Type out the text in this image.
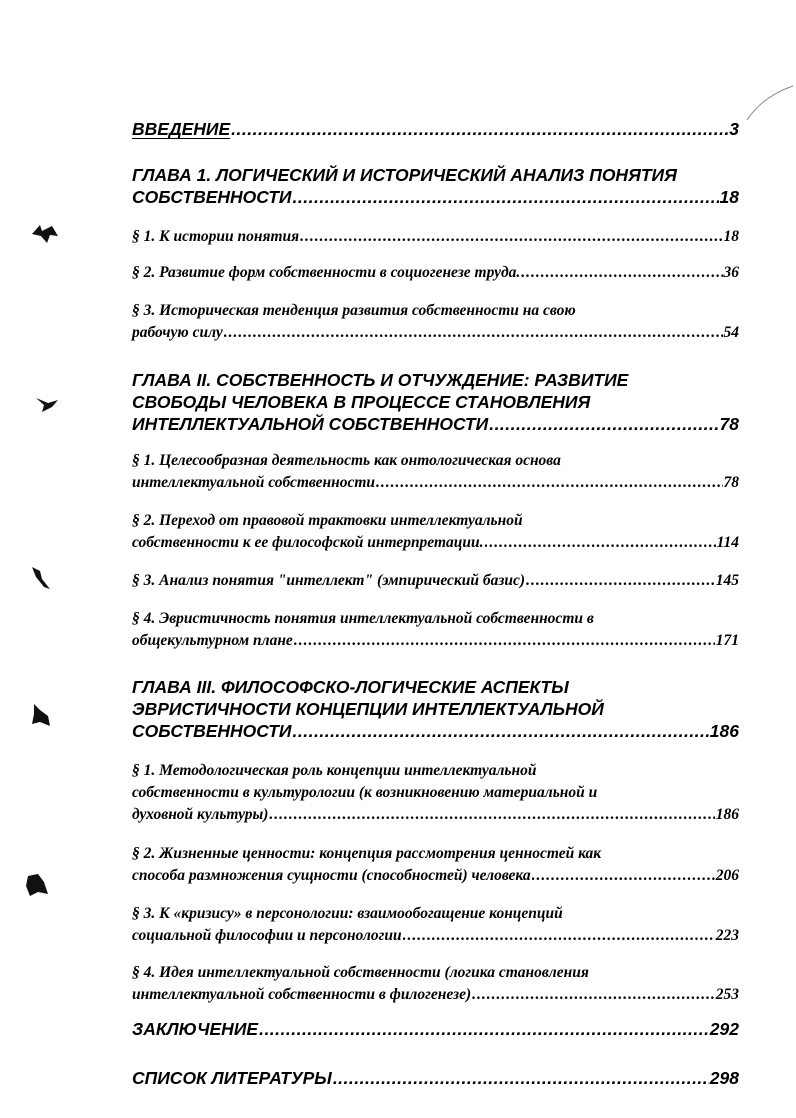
ВВЕДЕНИЕ .....	3
ГЛАВА 1. ЛОГИЧЕСКИЙ И ИСТОРИЧЕСКИЙ АНАЛИЗ ПОНЯТИЯ
СОБСТВЕННОСТИ .....	18
§ 1. К истории понятия .....	18
§ 2. Развитие форм собственности в социогенезе труда. .....	36
§ 3. Историческая тенденция развития собственности на свою
рабочую силу .....	54
ГЛАВА II. СОБСТВЕННОСТЬ И ОТЧУЖДЕНИЕ: РАЗВИТИЕ
СВОБОДЫ ЧЕЛОВЕКА В ПРОЦЕССЕ СТАНОВЛЕНИЯ
ИНТЕЛЛЕКТУАЛЬНОЙ СОБСТВЕННОСТИ .....	78
§ 1. Целесообразная деятельность как онтологическая основа
интеллектуальной собственности .....	78
§ 2. Переход от правовой трактовки интеллектуальной
собственности к ее философской интерпретации. .....	114
§ 3. Анализ понятия "интеллект" (эмпирический базис) .....	145
§ 4. Эвристичность понятия интеллектуальной собственности в
общекультурном плане .....	171
ГЛАВА III. ФИЛОСОФСКО-ЛОГИЧЕСКИЕ АСПЕКТЫ
ЭВРИСТИЧНОСТИ КОНЦЕПЦИИ ИНТЕЛЛЕКТУАЛЬНОЙ
СОБСТВЕННОСТИ .....	186
§ 1. Методологическая роль концепции интеллектуальной
собственности в культурологии (к возникновению материальной и
духовной культуры) .....	186
§ 2. Жизненные ценности: концепция рассмотрения ценностей как
способа размножения сущности (способностей) человека .....	206
§ 3. К «кризису» в персонологии: взаимообогащение концепций
социальной философии и персонологии .....	223
§ 4. Идея интеллектуальной собственности (логика становления
интеллектуальной собственности в филогенезе) .....	253
ЗАКЛЮЧЕНИЕ .....	292
СПИСОК ЛИТЕРАТУРЫ .....	298
